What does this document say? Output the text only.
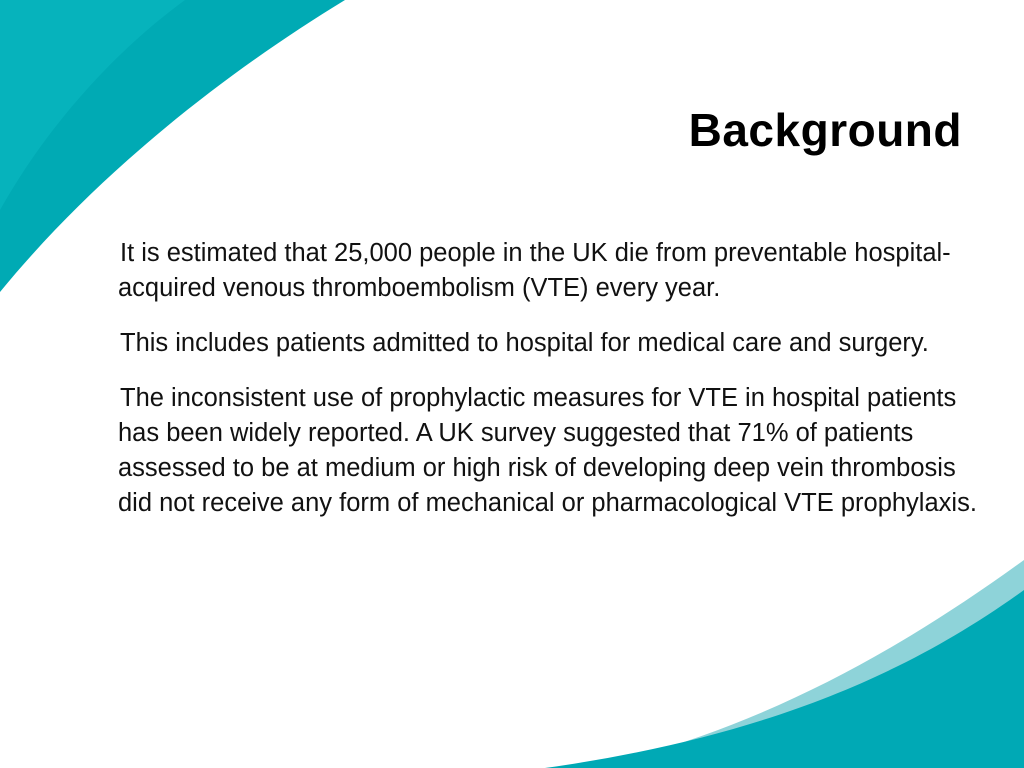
Background

It is estimated that 25,000 people in the UK die from preventable hospital-acquired venous thromboembolism (VTE) every year.

This includes patients admitted to hospital for medical care and surgery.

The inconsistent use of prophylactic measures for VTE in hospital patients has been widely reported. A UK survey suggested that 71% of patients assessed to be at medium or high risk of developing deep vein thrombosis did not receive any form of mechanical or pharmacological VTE prophylaxis.
